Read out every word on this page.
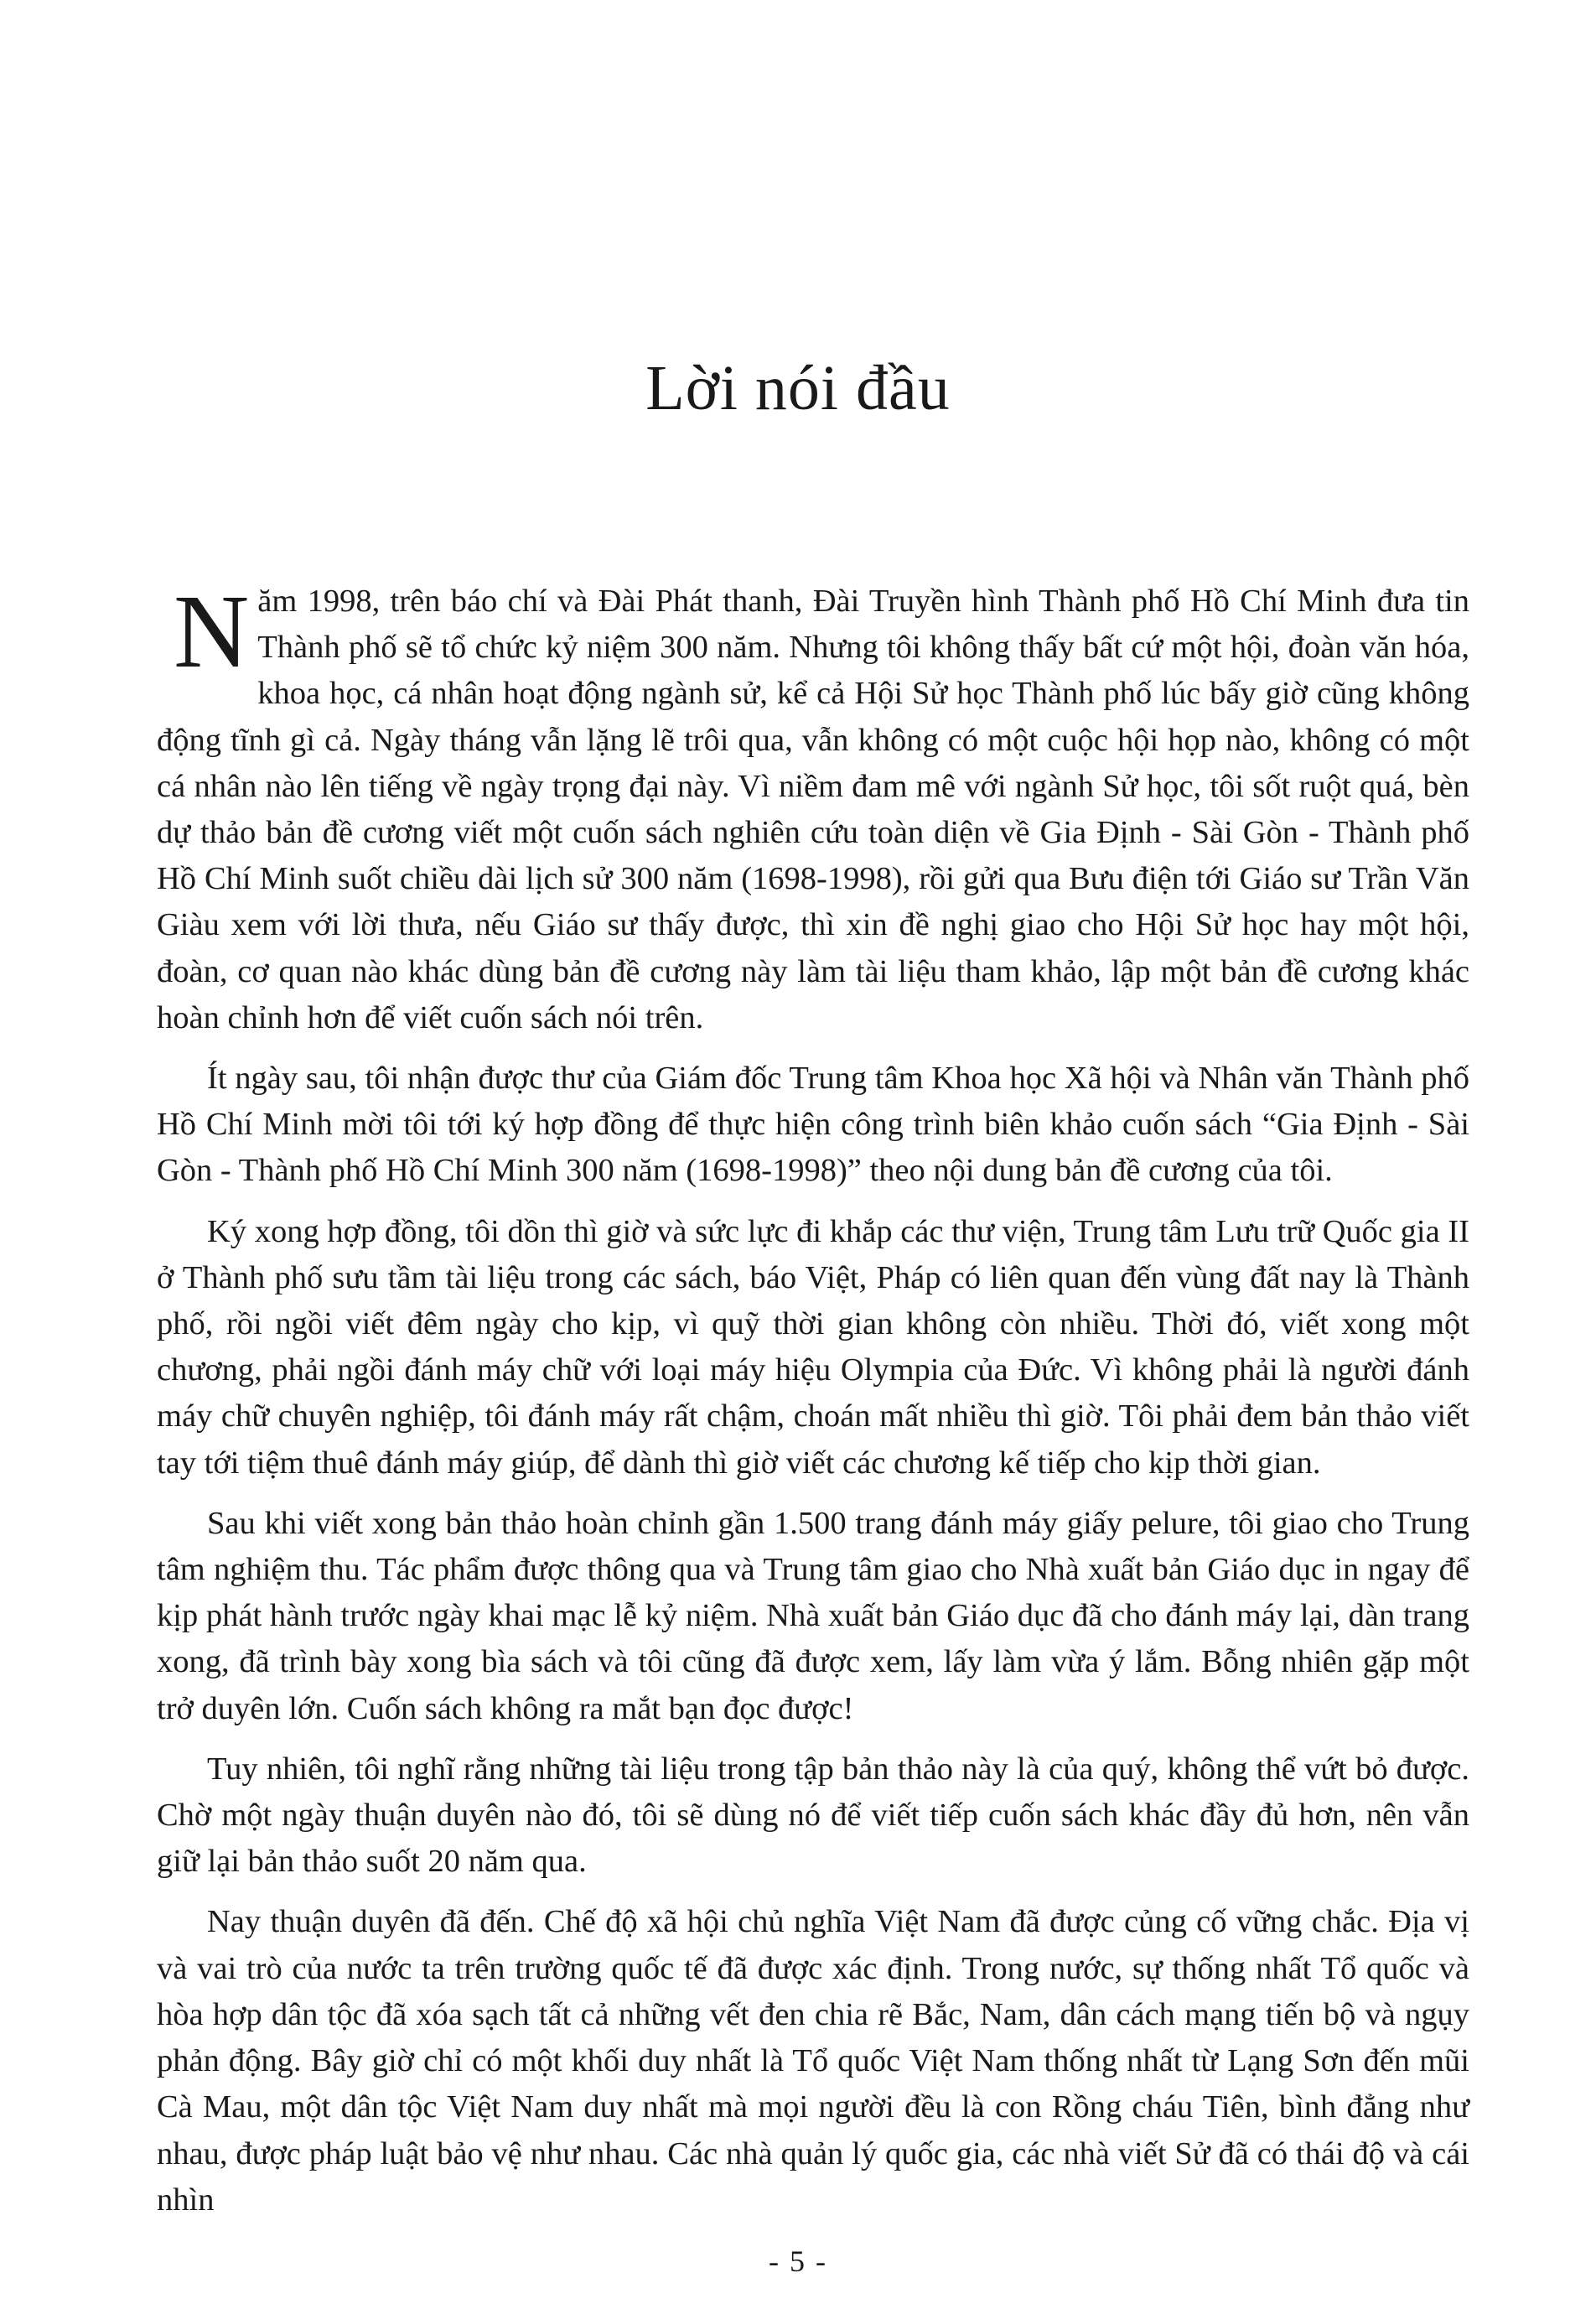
Lời nói đầu

Năm 1998, trên báo chí và Đài Phát thanh, Đài Truyền hình Thành phố Hồ Chí Minh đưa tin Thành phố sẽ tổ chức kỷ niệm 300 năm. Nhưng tôi không thấy bất cứ một hội, đoàn văn hóa, khoa học, cá nhân hoạt động ngành sử, kể cả Hội Sử học Thành phố lúc bấy giờ cũng không động tĩnh gì cả. Ngày tháng vẫn lặng lẽ trôi qua, vẫn không có một cuộc hội họp nào, không có một cá nhân nào lên tiếng về ngày trọng đại này. Vì niềm đam mê với ngành Sử học, tôi sốt ruột quá, bèn dự thảo bản đề cương viết một cuốn sách nghiên cứu toàn diện về Gia Định - Sài Gòn - Thành phố Hồ Chí Minh suốt chiều dài lịch sử 300 năm (1698-1998), rồi gửi qua Bưu điện tới Giáo sư Trần Văn Giàu xem với lời thưa, nếu Giáo sư thấy được, thì xin đề nghị giao cho Hội Sử học hay một hội, đoàn, cơ quan nào khác dùng bản đề cương này làm tài liệu tham khảo, lập một bản đề cương khác hoàn chỉnh hơn để viết cuốn sách nói trên.

Ít ngày sau, tôi nhận được thư của Giám đốc Trung tâm Khoa học Xã hội và Nhân văn Thành phố Hồ Chí Minh mời tôi tới ký hợp đồng để thực hiện công trình biên khảo cuốn sách “Gia Định - Sài Gòn - Thành phố Hồ Chí Minh 300 năm (1698-1998)” theo nội dung bản đề cương của tôi.

Ký xong hợp đồng, tôi dồn thì giờ và sức lực đi khắp các thư viện, Trung tâm Lưu trữ Quốc gia II ở Thành phố sưu tầm tài liệu trong các sách, báo Việt, Pháp có liên quan đến vùng đất nay là Thành phố, rồi ngồi viết đêm ngày cho kịp, vì quỹ thời gian không còn nhiều. Thời đó, viết xong một chương, phải ngồi đánh máy chữ với loại máy hiệu Olympia của Đức. Vì không phải là người đánh máy chữ chuyên nghiệp, tôi đánh máy rất chậm, choán mất nhiều thì giờ. Tôi phải đem bản thảo viết tay tới tiệm thuê đánh máy giúp, để dành thì giờ viết các chương kế tiếp cho kịp thời gian.

Sau khi viết xong bản thảo hoàn chỉnh gần 1.500 trang đánh máy giấy pelure, tôi giao cho Trung tâm nghiệm thu. Tác phẩm được thông qua và Trung tâm giao cho Nhà xuất bản Giáo dục in ngay để kịp phát hành trước ngày khai mạc lễ kỷ niệm. Nhà xuất bản Giáo dục đã cho đánh máy lại, dàn trang xong, đã trình bày xong bìa sách và tôi cũng đã được xem, lấy làm vừa ý lắm. Bỗng nhiên gặp một trở duyên lớn. Cuốn sách không ra mắt bạn đọc được!

Tuy nhiên, tôi nghĩ rằng những tài liệu trong tập bản thảo này là của quý, không thể vứt bỏ được. Chờ một ngày thuận duyên nào đó, tôi sẽ dùng nó để viết tiếp cuốn sách khác đầy đủ hơn, nên vẫn giữ lại bản thảo suốt 20 năm qua.

Nay thuận duyên đã đến. Chế độ xã hội chủ nghĩa Việt Nam đã được củng cố vững chắc. Địa vị và vai trò của nước ta trên trường quốc tế đã được xác định. Trong nước, sự thống nhất Tổ quốc và hòa hợp dân tộc đã xóa sạch tất cả những vết đen chia rẽ Bắc, Nam, dân cách mạng tiến bộ và ngụy phản động. Bây giờ chỉ có một khối duy nhất là Tổ quốc Việt Nam thống nhất từ Lạng Sơn đến mũi Cà Mau, một dân tộc Việt Nam duy nhất mà mọi người đều là con Rồng cháu Tiên, bình đẳng như nhau, được pháp luật bảo vệ như nhau. Các nhà quản lý quốc gia, các nhà viết Sử đã có thái độ và cái nhìn

- 5 -
